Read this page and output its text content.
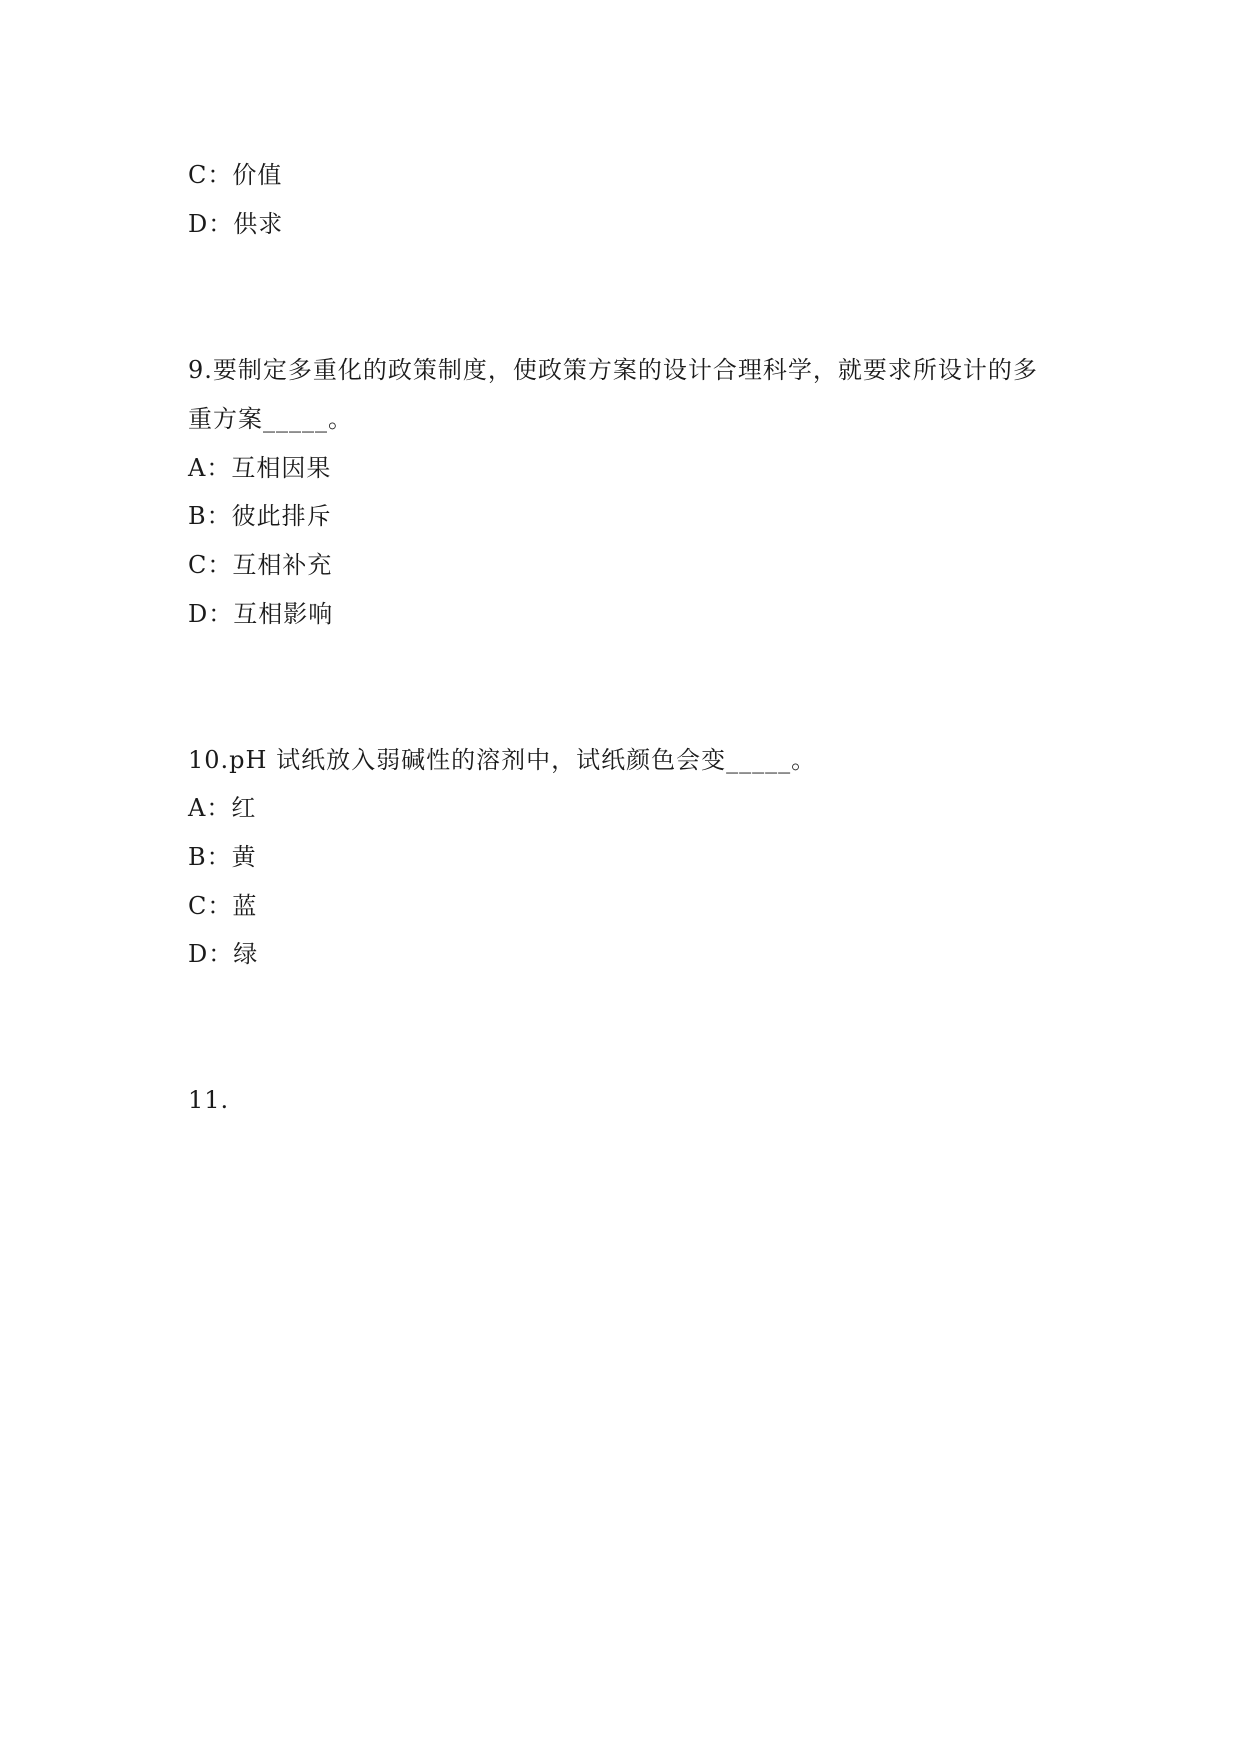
C：价值
D：供求
9.要制定多重化的政策制度，使政策方案的设计合理科学，就要求所设计的多
重方案_____。
A：互相因果
B：彼此排斥
C：互相补充
D：互相影响
10.pH 试纸放入弱碱性的溶剂中，试纸颜色会变_____。
A：红
B：黄
C：蓝
D：绿
11.
